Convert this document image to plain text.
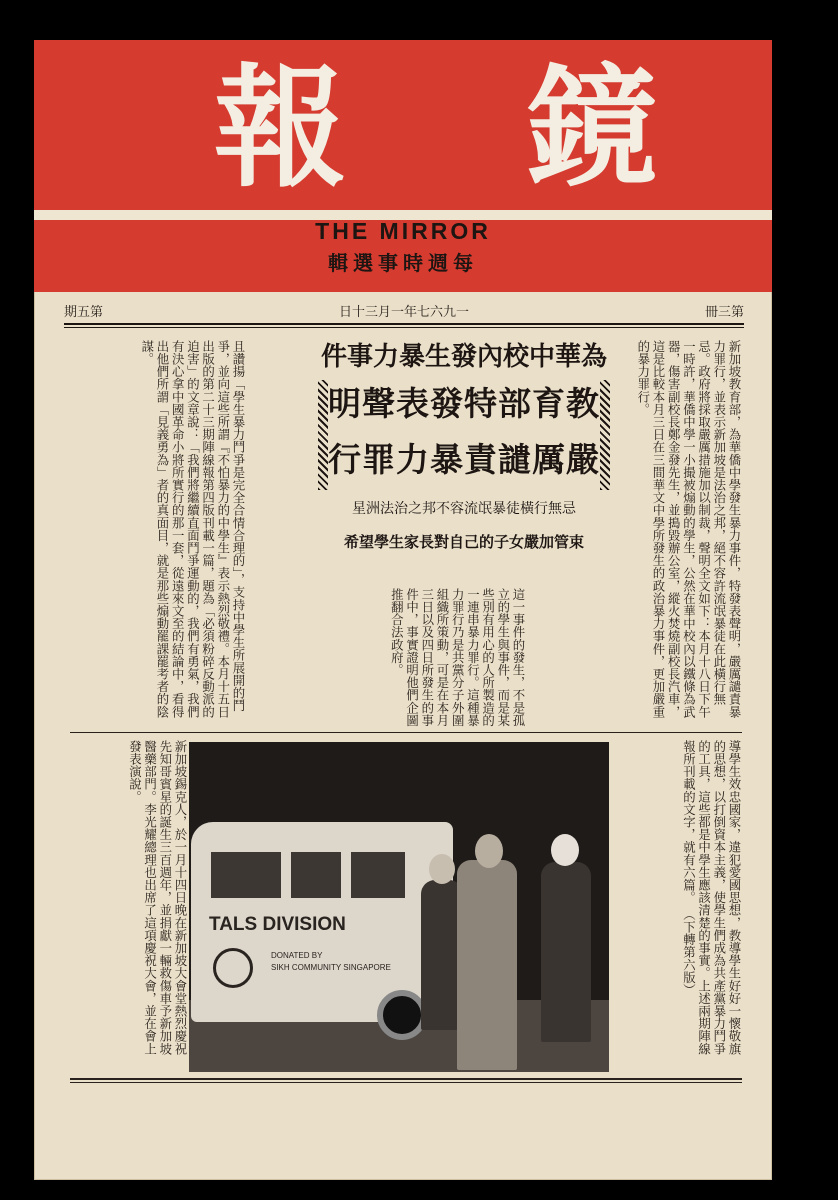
報鏡
THE MIRROR
輯選事時週每
期五第	日十三月一年七六九一	冊三第
新加坡教育部，為華僑中學發生暴力事件，特發表聲明，嚴厲譴責暴力罪行，並表示新加坡是法治之邦，絕不容許流氓暴徒在此橫行無忌。政府將採取嚴厲措施加以制裁，聲明全文如下：本月十八日下午一時許，華僑中學一小撮被煽動的學生，公然在華中校內以鐵條為武器，傷害副校長鄭金發先生，並搗毀辦公室，縱火焚燒副校長汽車，這是比較本月三日在三間華文中學所發生的政治暴力事件，更加嚴重的暴力罪行。
件事力暴生發內校中華為
明聲表發特部育教
行罪力暴責譴厲嚴
星洲法治之邦不容流氓暴徒橫行無忌
希望學生家長對自己的子女嚴加管束
這一事件的發生，不是孤立的學生與事件，而是某些別有用心的人所製造的一連串暴力罪行。這種暴力罪行乃是共黨分子外圍組織所策動，可是在本月三日以及四日所發生的事件中，事實證明他們企圖推翻合法政府。
且讚揚「學生暴力鬥爭是完全合情合理的」，支持中學生所展開的鬥爭，並向這些所謂『不怕暴力的中學生』表示熱烈敬禮。本月十五日出版的第二十三期陣線報第四版刊載一篇，題為「必須粉碎反動派的迫害」的文章說：「我們將繼續直面鬥爭運動的，我們有勇氣，我們有決心拿中國革命小將所實行的那一套，從遠來文至的結論中，看得出他們所謂「見義勇為」者的真面目，就是那些煽動罷課罷考者的陰謀。
導學生效忠國家，違犯愛國思想，教導學生好好一懷敬旗的思想，以打倒資本主義，使學生們成為共產黨暴力鬥爭的工具，這些都是中學生應該清楚的事實。上述兩期陣線報所刊載的文字，就有六篇。 （下轉第六版）
TALS DIVISION
DONATED BY
SIKH COMMUNITY SINGAPORE
新加坡錫克人，於一月十四日晚在新加坡大會堂熱烈慶祝先知哥賓星的誕生三百週年，並捐獻一輛救傷車予新加坡醫藥部門。李光耀總理也出席了這項慶祝大會，並在會上發表演說。
